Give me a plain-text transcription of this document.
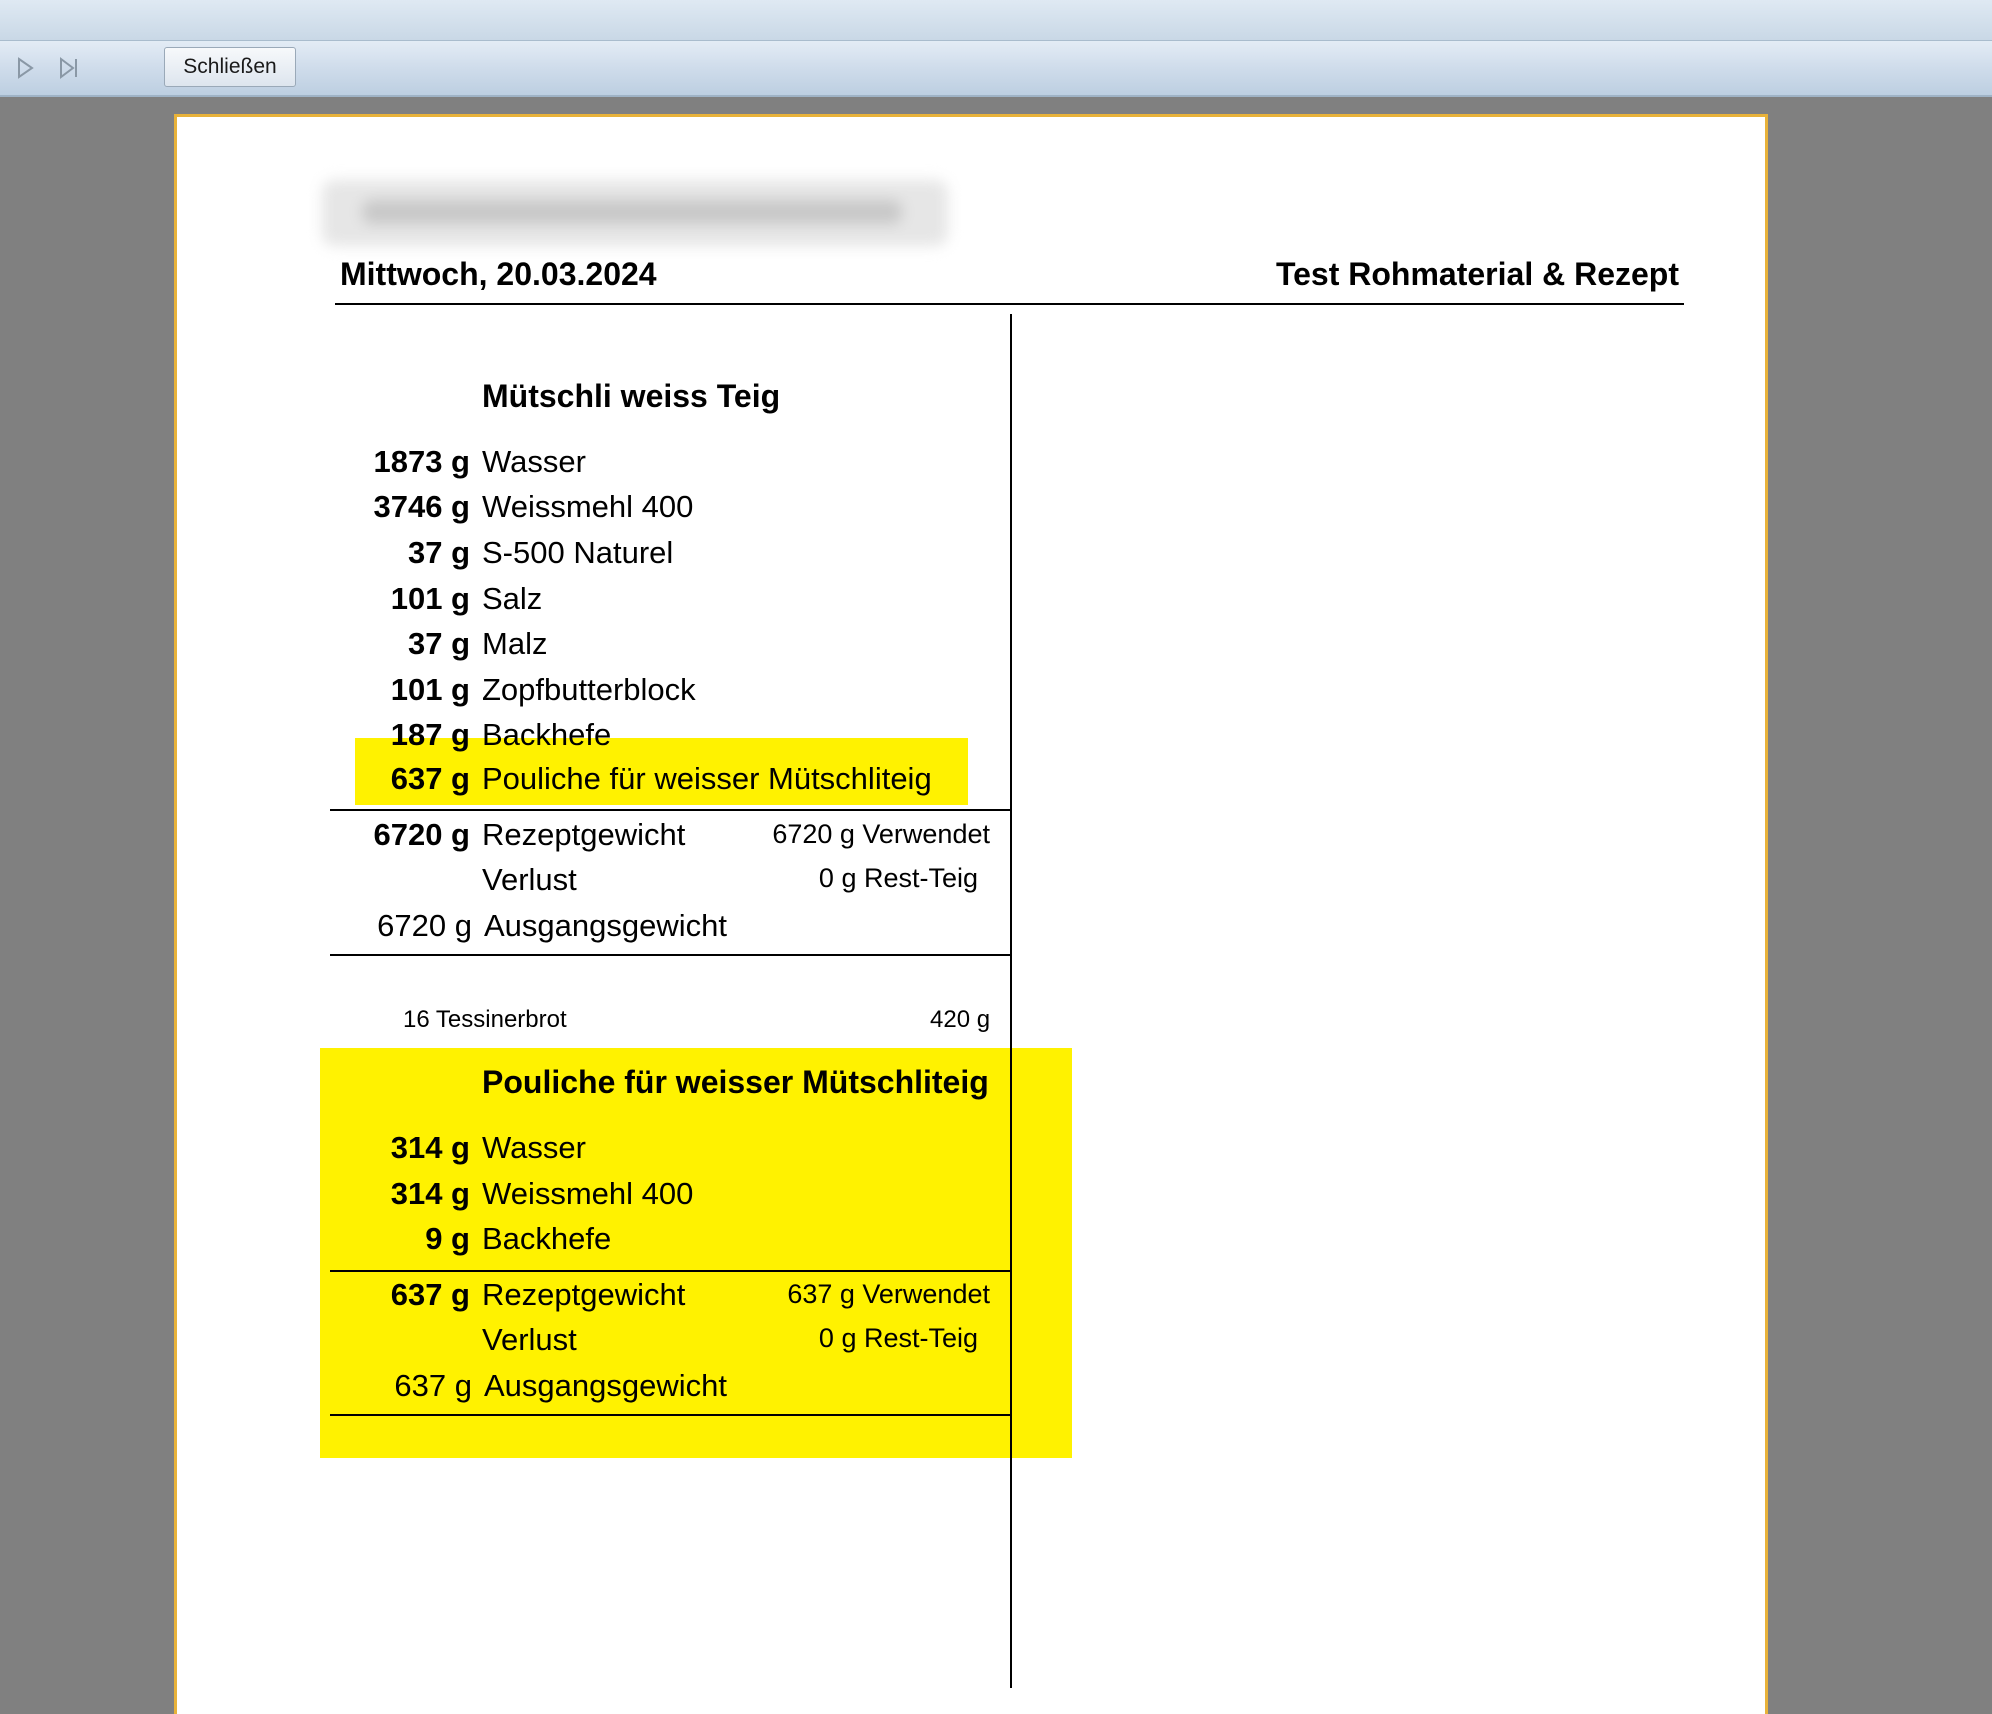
Schließen
Mittwoch, 20.03.2024	Test Rohmaterial & Rezept
Mütschli weiss Teig
1873 g Wasser
3746 g Weissmehl 400
37 g S-500 Naturel
101 g Salz
37 g Malz
101 g Zopfbutterblock
187 g Backhefe
637 g Pouliche für weisser Mütschliteig
6720 g Rezeptgewicht	6720 g Verwendet
Verlust	0 g Rest-Teig
6720 g Ausgangsgewicht
16 Tessinerbrot	420 g
Pouliche für weisser Mütschliteig
314 g Wasser
314 g Weissmehl 400
9 g Backhefe
637 g Rezeptgewicht	637 g Verwendet
Verlust	0 g Rest-Teig
637 g Ausgangsgewicht
